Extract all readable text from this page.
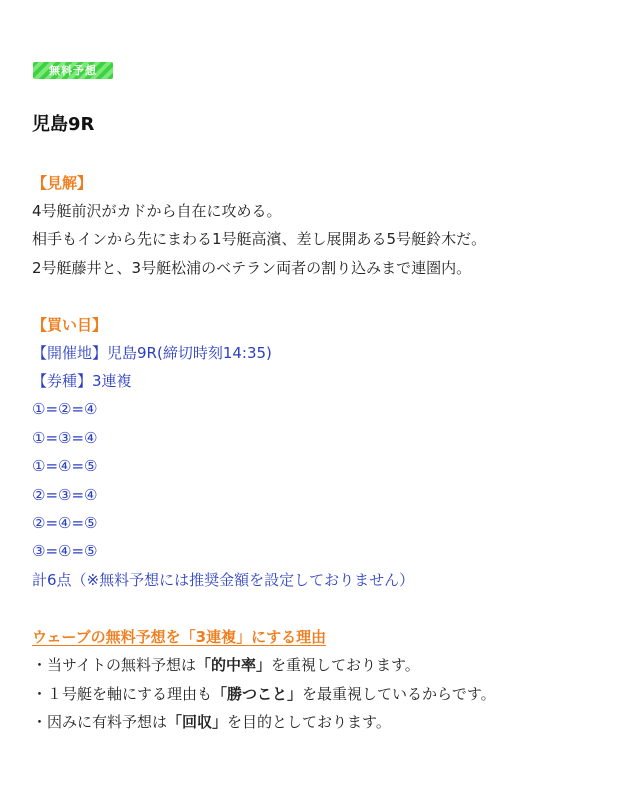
無料予想
児島9R

【見解】

4号艇前沢がカドから自在に攻める。

相手もインから先にまわる1号艇高濱、差し展開ある5号艇鈴木だ。

2号艇藤井と、3号艇松浦のベテラン両者の割り込みまで連圏内。

【買い目】

【開催地】児島9R(締切時刻14:35)

【券種】3連複

①=②=④

①=③=④

①=④=⑤

②=③=④

②=④=⑤

③=④=⑤

計6点（※無料予想には推奨金額を設定しておりません）

ウェーブの無料予想を「3連複」にする理由

・当サイトの無料予想は「的中率」を重視しております。

・１号艇を軸にする理由も「勝つこと」を最重視しているからです。

・因みに有料予想は「回収」を目的としております。
